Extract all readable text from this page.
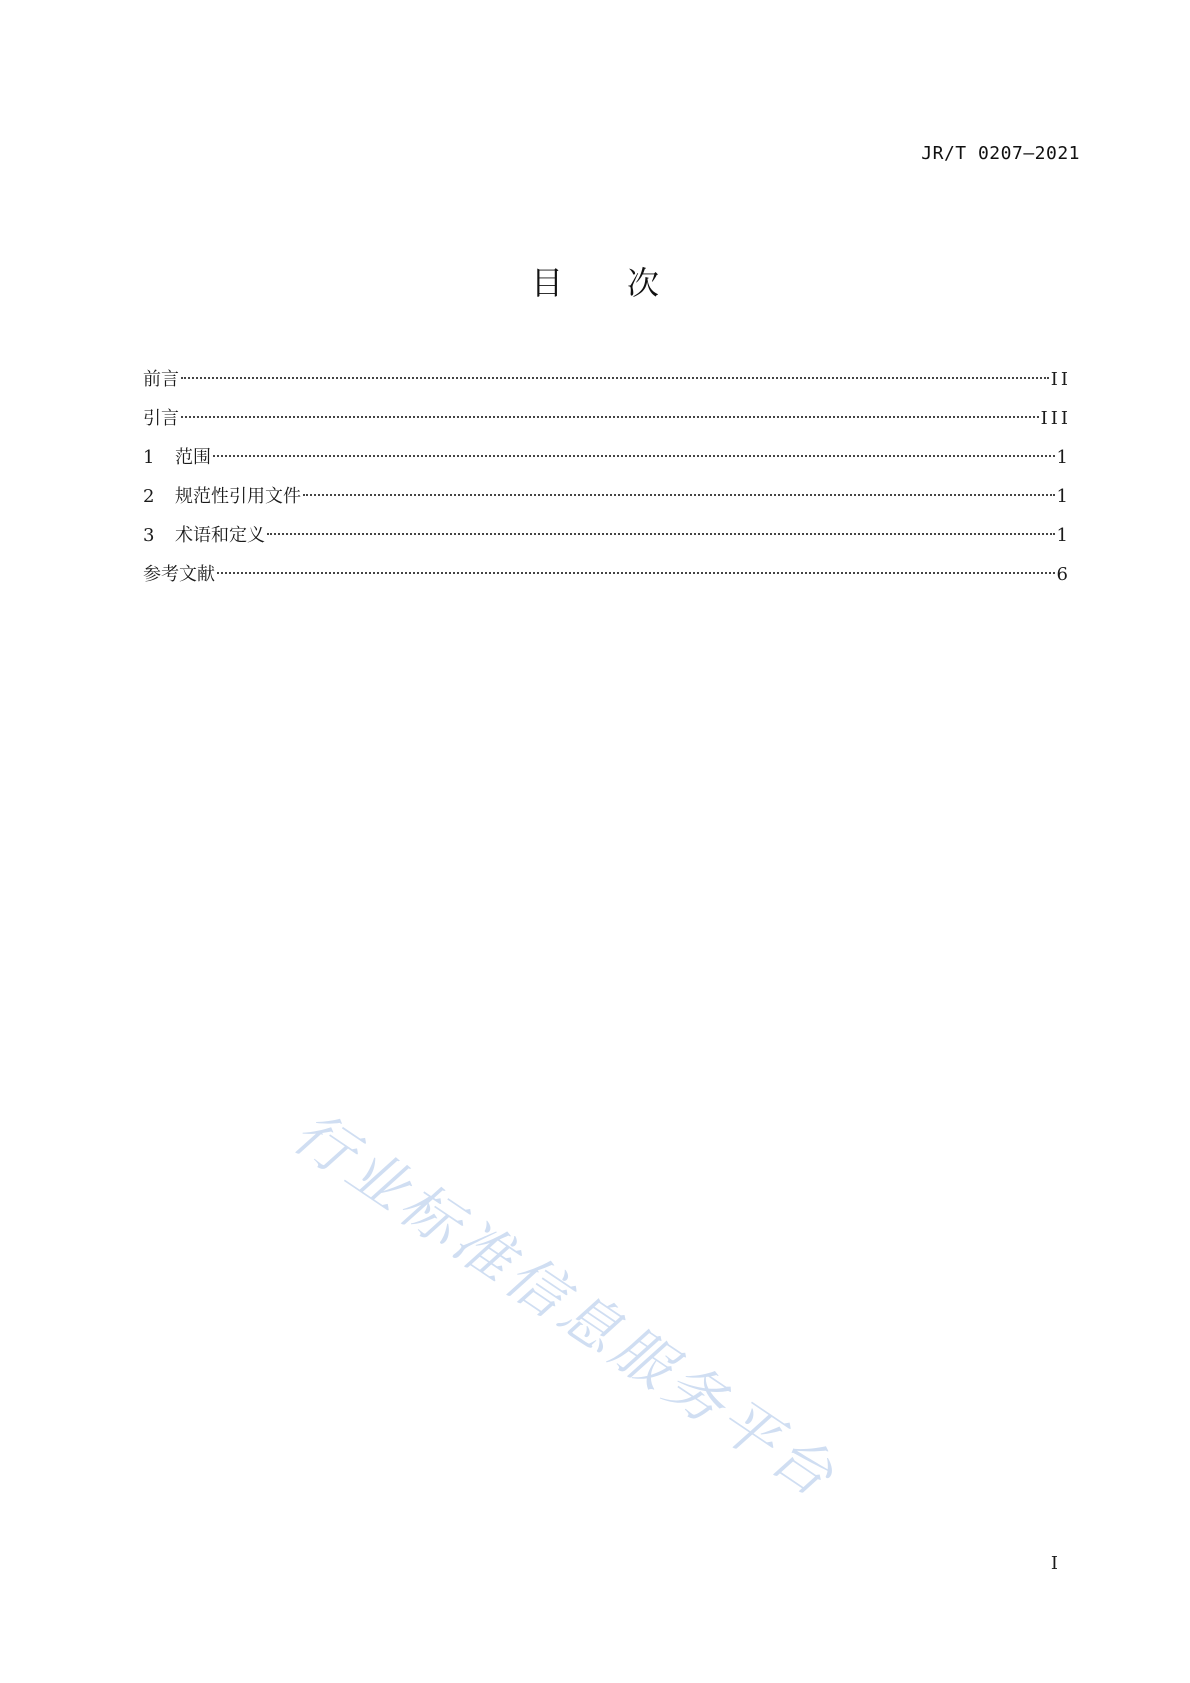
JR/T 0207—2021
目 次
前言	II
引言	III
1	范围	1
2	规范性引用文件	1
3	术语和定义	1
参考文献	6
行业标准信息服务平台
I
